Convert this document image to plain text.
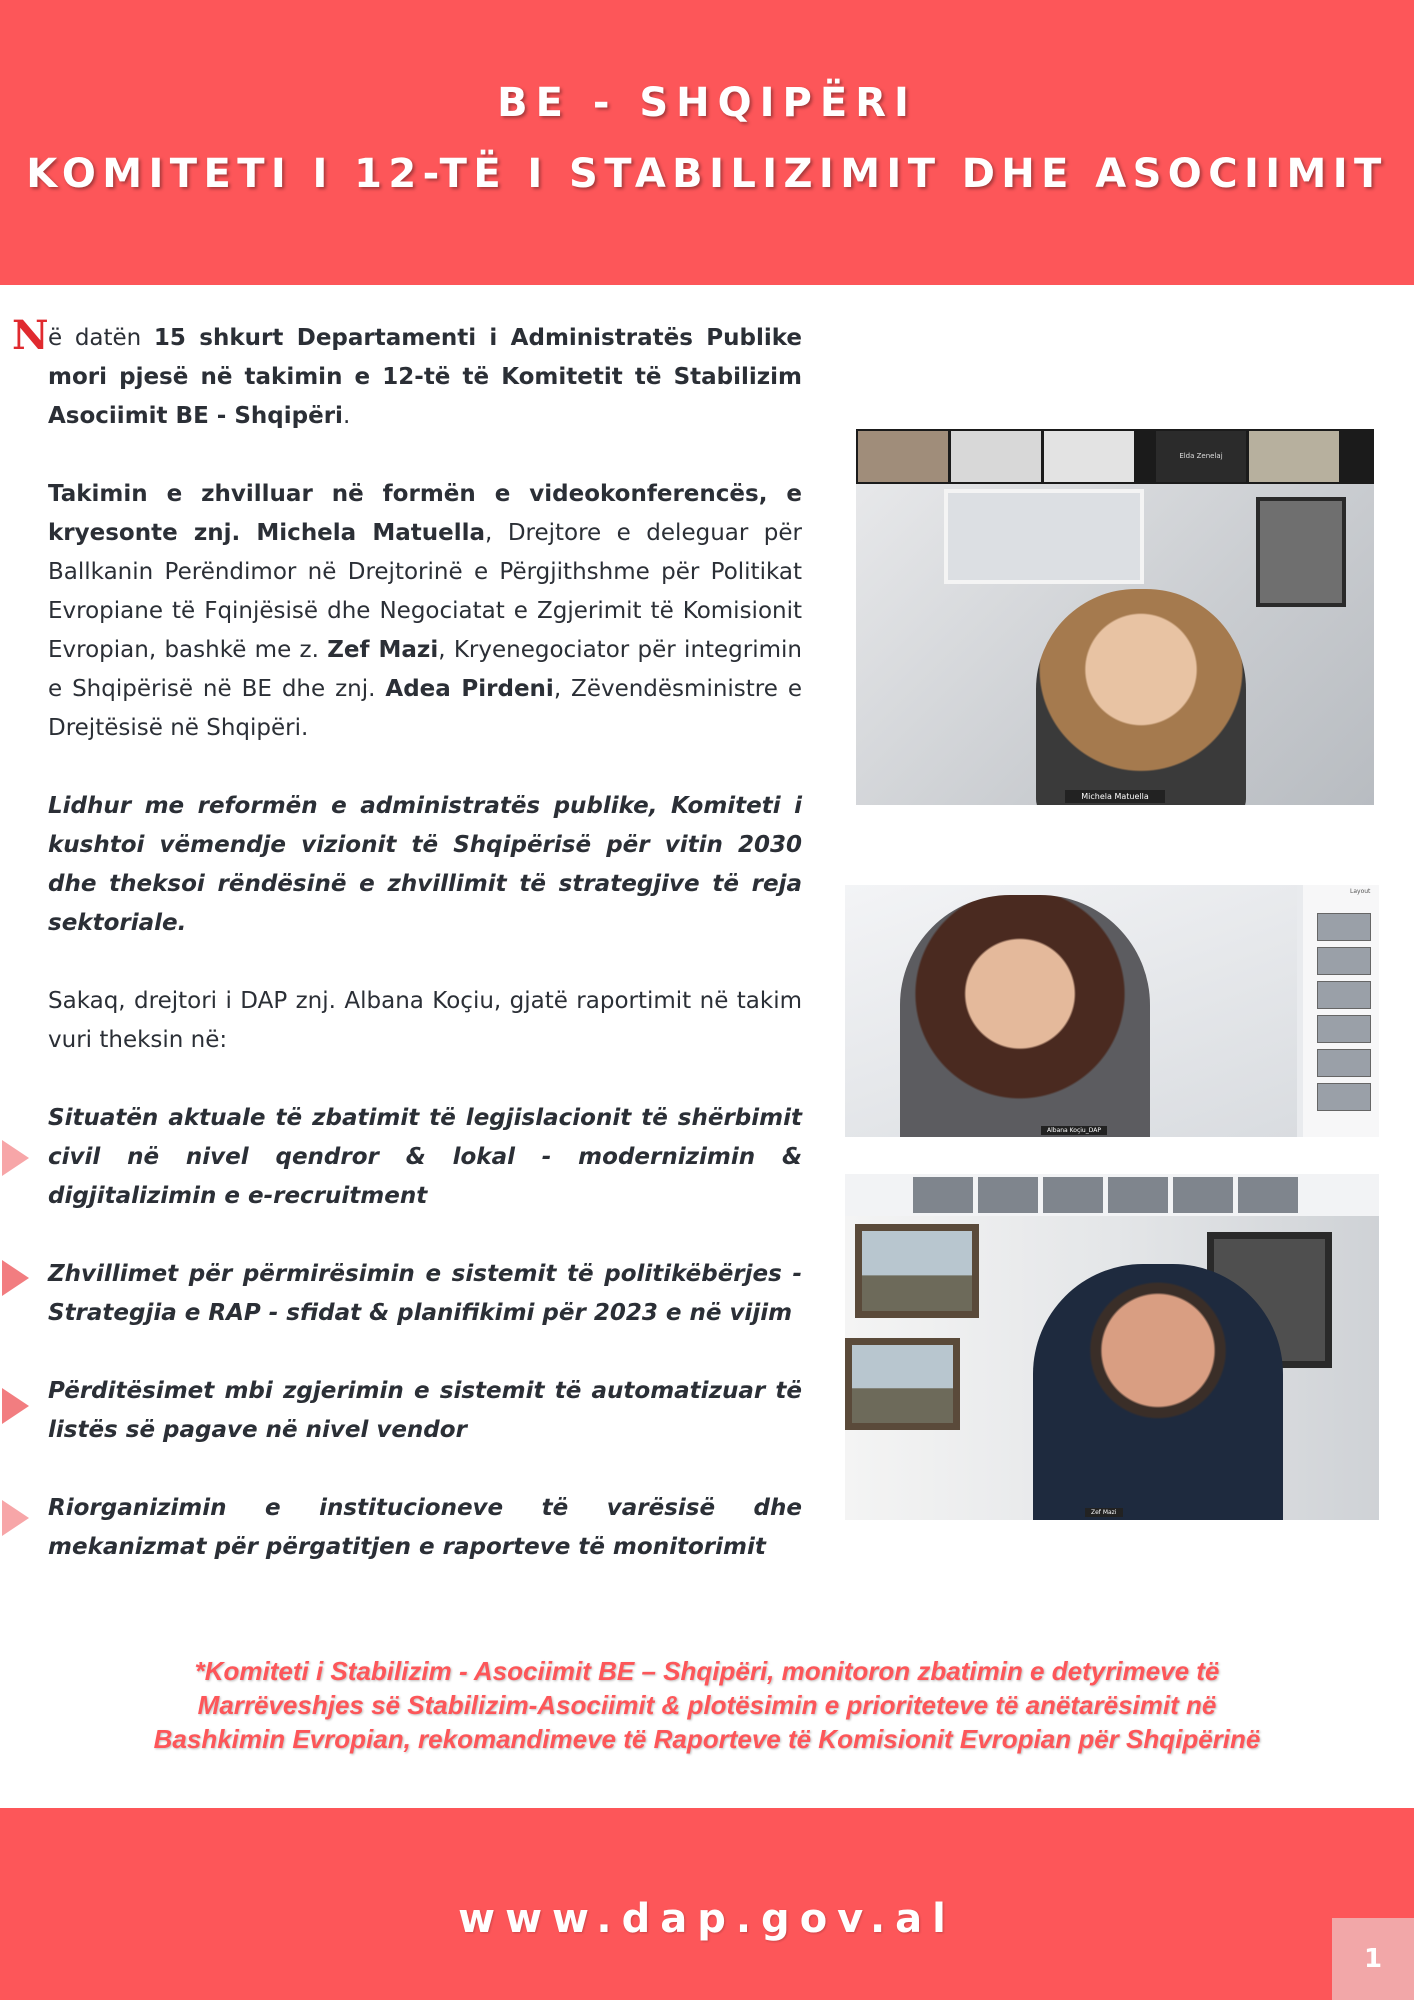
BE - SHQIPËRI
KOMITETI I 12-TË I STABILIZIMIT DHE ASOCIIMIT
N ë datën 15 shkurt Departamenti i Administratës Publike mori pjesë në takimin e 12-të të Komitetit të Stabilizim Asociimit BE - Shqipëri.

Takimin e zhvilluar në formën e videokonferencës, e kryesonte znj. Michela Matuella, Drejtore e deleguar për Ballkanin Perëndimor në Drejtorinë e Përgjithshme për Politikat Evropiane të Fqinjësisë dhe Negociatat e Zgjerimit të Komisionit Evropian, bashkë me z. Zef Mazi, Kryenegociator për integrimin e Shqipërisë në BE dhe znj. Adea Pirdeni, Zëvendësministre e Drejtësisë në Shqipëri.

Lidhur me reformën e administratës publike, Komiteti i kushtoi vëmendje vizionit të Shqipërisë për vitin 2030 dhe theksoi rëndësinë e zhvillimit të strategjive të reja sektoriale.

Sakaq, drejtori i DAP znj. Albana Koçiu, gjatë raportimit në takim vuri theksin në:

Situatën aktuale të zbatimit të legjislacionit të shërbimit civil në nivel qendror & lokal - modernizimin & digjitalizimin e e-recruitment

Zhvillimet për përmirësimin e sistemit të politikëbërjes - Strategjia e RAP - sfidat & planifikimi për 2023 e në vijim

Përditësimet mbi zgjerimin e sistemit të automatizuar të listës së pagave në nivel vendor

Riorganizimin e institucioneve të varësisë dhe mekanizmat për përgatitjen e raporteve të monitorimit

Elda Zenelaj
Michela Matuella
Layout
Albana Koçiu_DAP
Zef Mazi
*Komiteti i Stabilizim - Asociimit BE – Shqipëri, monitoron zbatimin e detyrimeve të
Marrëveshjes së Stabilizim-Asociimit & plotësimin e prioriteteve të anëtarësimit në
Bashkimin Evropian, rekomandimeve të Raporteve të Komisionit Evropian për Shqipërinë
www.dap.gov.al
1
